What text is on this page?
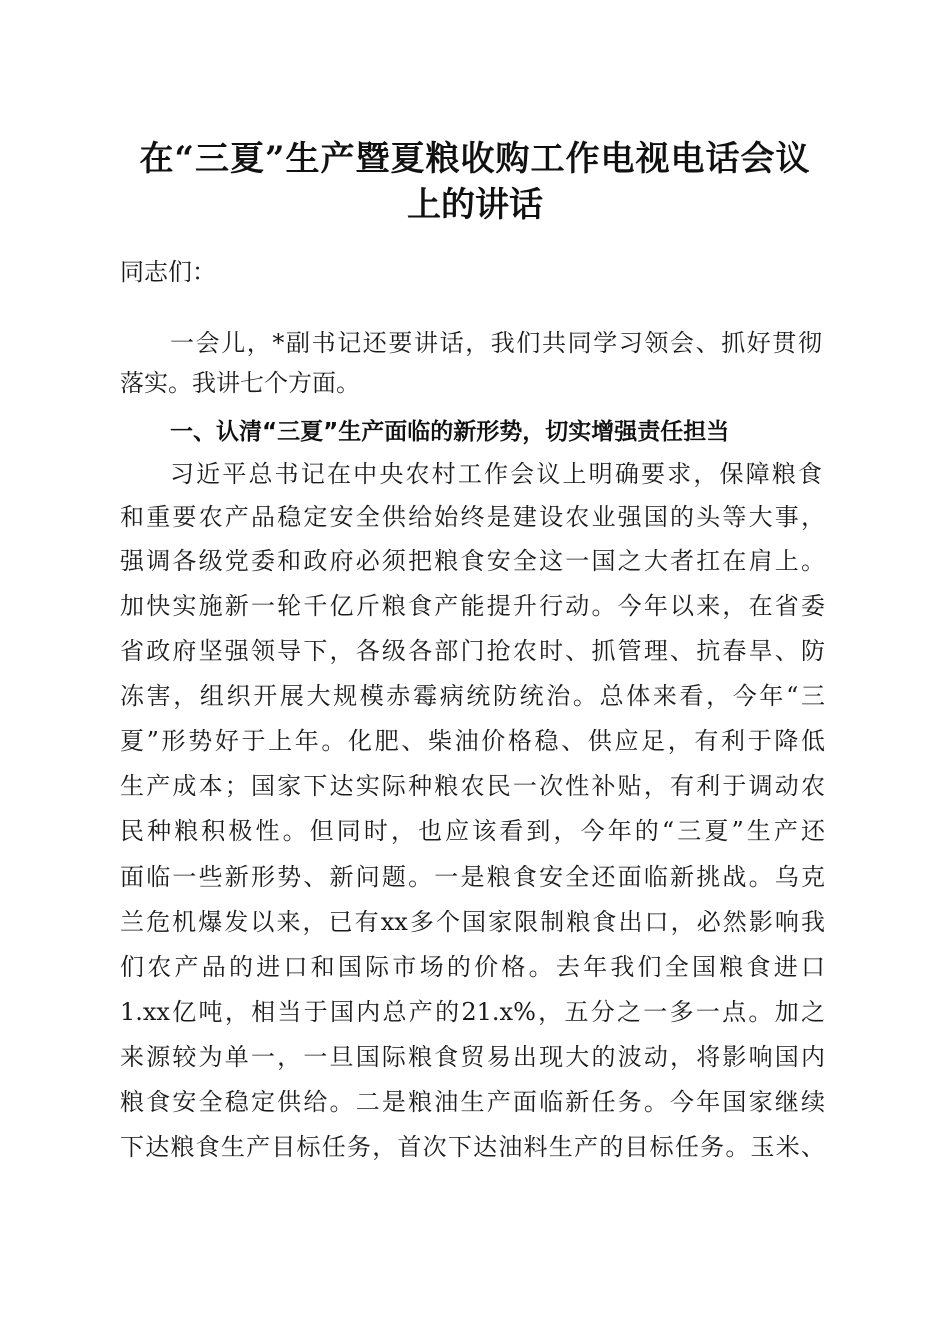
在“三夏”生产暨夏粮收购工作电视电话会议
上的讲话

同志们：

一会儿，*副书记还要讲话，我们共同学习领会、抓好贯彻

落实。我讲七个方面。

一、认清“三夏”生产面临的新形势，切实增强责任担当

习近平总书记在中央农村工作会议上明确要求，保障粮食

和重要农产品稳定安全供给始终是建设农业强国的头等大事，

强调各级党委和政府必须把粮食安全这一国之大者扛在肩上。

加快实施新一轮千亿斤粮食产能提升行动。今年以来，在省委

省政府坚强领导下，各级各部门抢农时、抓管理、抗春旱、防

冻害，组织开展大规模赤霉病统防统治。总体来看，今年“三

夏”形势好于上年。化肥、柴油价格稳、供应足，有利于降低

生产成本；国家下达实际种粮农民一次性补贴，有利于调动农

民种粮积极性。但同时，也应该看到，今年的“三夏”生产还

面临一些新形势、新问题。一是粮食安全还面临新挑战。乌克

兰危机爆发以来，已有xx多个国家限制粮食出口，必然影响我

们农产品的进口和国际市场的价格。去年我们全国粮食进口

1.xx亿吨，相当于国内总产的21.x%，五分之一多一点。加之

来源较为单一，一旦国际粮食贸易出现大的波动，将影响国内

粮食安全稳定供给。二是粮油生产面临新任务。今年国家继续

下达粮食生产目标任务，首次下达油料生产的目标任务。玉米、
